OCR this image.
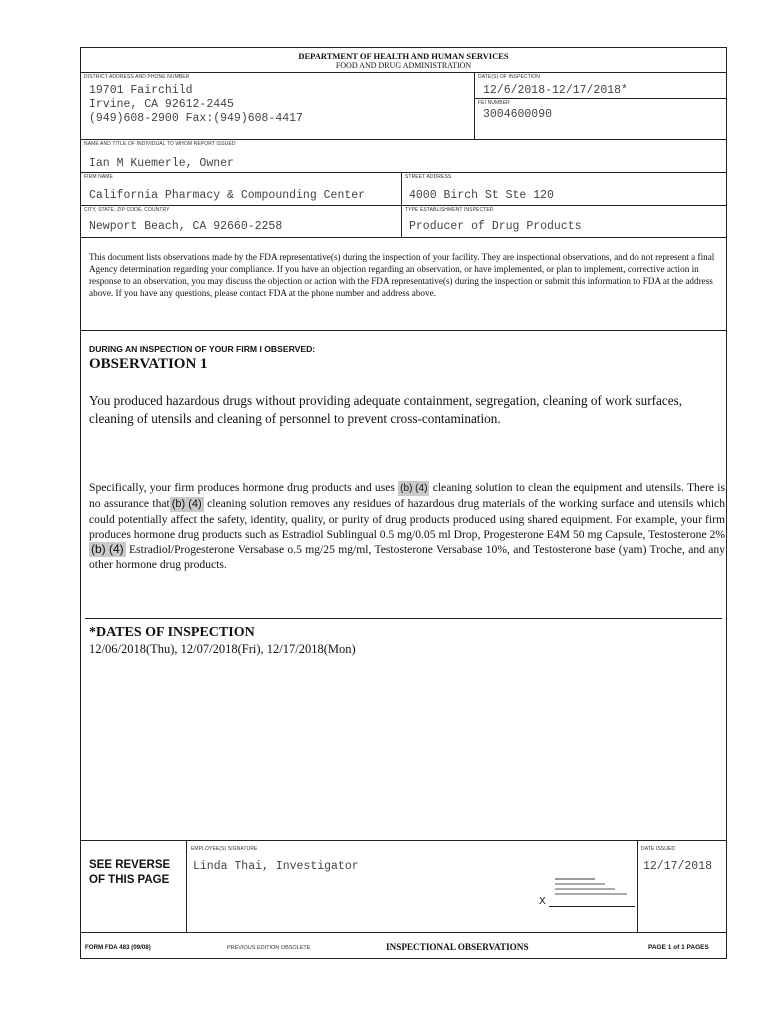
DEPARTMENT OF HEALTH AND HUMAN SERVICES
FOOD AND DRUG ADMINISTRATION
DISTRICT ADDRESS AND PHONE NUMBER
19701 Fairchild
Irvine, CA 92612-2445
(949)608-2900 Fax:(949)608-4417
DATE(S) OF INSPECTION
12/6/2018-12/17/2018*
FEI NUMBER
3004600090
NAME AND TITLE OF INDIVIDUAL TO WHOM REPORT ISSUED
Ian M Kuemerle, Owner
FIRM NAME
California Pharmacy & Compounding Center
STREET ADDRESS
4000 Birch St Ste 120
CITY, STATE, ZIP CODE, COUNTRY
Newport Beach, CA 92660-2258
TYPE ESTABLISHMENT INSPECTED
Producer of Drug Products
This document lists observations made by the FDA representative(s) during the inspection of your facility. They are inspectional observations, and do not represent a final Agency determination regarding your compliance. If you have an objection regarding an observation, or have implemented, or plan to implement, corrective action in response to an observation, you may discuss the objection or action with the FDA representative(s) during the inspection or submit this information to FDA at the address above. If you have any questions, please contact FDA at the phone number and address above.
DURING AN INSPECTION OF YOUR FIRM I OBSERVED:
OBSERVATION 1
You produced hazardous drugs without providing adequate containment, segregation, cleaning of work surfaces, cleaning of utensils and cleaning of personnel to prevent cross-contamination.
Specifically, your firm produces hormone drug products and uses (b) (4) cleaning solution to clean the equipment and utensils. There is no assurance that (b) (4) cleaning solution removes any residues of hazardous drug materials of the working surface and utensils which could potentially affect the safety, identity, quality, or purity of drug products produced using shared equipment. For example, your firm produces hormone drug products such as Estradiol Sublingual 0.5 mg/0.05 ml Drop, Progesterone E4M 50 mg Capsule, Testosterone 2% (b) (4) Estradiol/Progesterone Versabase o.5 mg/25 mg/ml, Testosterone Versabase 10%, and Testosterone base (yam) Troche, and any other hormone drug products.
*DATES OF INSPECTION
12/06/2018(Thu), 12/07/2018(Fri), 12/17/2018(Mon)
SEE REVERSE OF THIS PAGE
EMPLOYEE(S) SIGNATURE
Linda Thai, Investigator
DATE ISSUED
12/17/2018
X
FORM FDA 483 (09/08)	PREVIOUS EDITION OBSOLETE	INSPECTIONAL OBSERVATIONS	PAGE 1 of 1 PAGES
